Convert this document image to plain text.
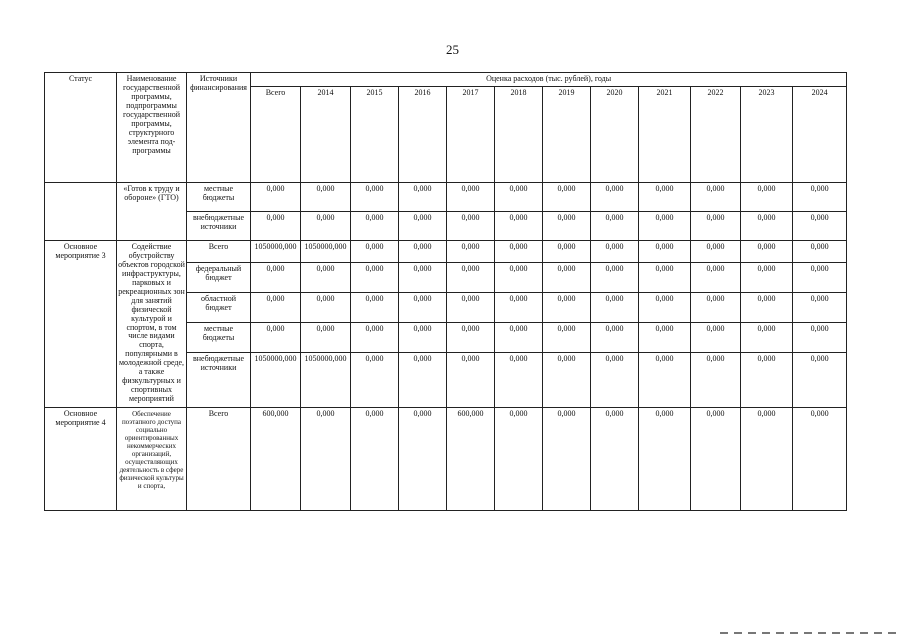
25
Статус	Наименование государственной программы, подпрограммы государственной программы, структурного элемента под-программы	Источники финансирования	Оценка расходов (тыс. рублей), годы											
			Всего	2014	2015	2016	2017	2018	2019	2020	2021	2022	2023	2024
	«Готов к труду и обороне» (ГТО)	местные бюджеты	0,000	0,000	0,000	0,000	0,000	0,000	0,000	0,000	0,000	0,000	0,000	0,000
		внебюджетные источники	0,000	0,000	0,000	0,000	0,000	0,000	0,000	0,000	0,000	0,000	0,000	0,000
Основное мероприятие 3	Содействие обустройству объектов городской инфраструктуры, парковых и рекреационных зон для занятий физической культурой и спортом, в том числе видами спорта, популярными в молодежной среде, а также физкультурных и спортивных мероприятий	Всего	1050000,000	1050000,000	0,000	0,000	0,000	0,000	0,000	0,000	0,000	0,000	0,000	0,000
		федеральный бюджет	0,000	0,000	0,000	0,000	0,000	0,000	0,000	0,000	0,000	0,000	0,000	0,000
		областной бюджет	0,000	0,000	0,000	0,000	0,000	0,000	0,000	0,000	0,000	0,000	0,000	0,000
		местные бюджеты	0,000	0,000	0,000	0,000	0,000	0,000	0,000	0,000	0,000	0,000	0,000	0,000
		внебюджетные источники	1050000,000	1050000,000	0,000	0,000	0,000	0,000	0,000	0,000	0,000	0,000	0,000	0,000
Основное мероприятие 4	Обеспечение поэтапного доступа социально ориентированных некоммерческих организаций, осуществляющих деятельность в сфере физической культуры и спорта,	Всего	600,000	0,000	0,000	0,000	600,000	0,000	0,000	0,000	0,000	0,000	0,000	0,000
